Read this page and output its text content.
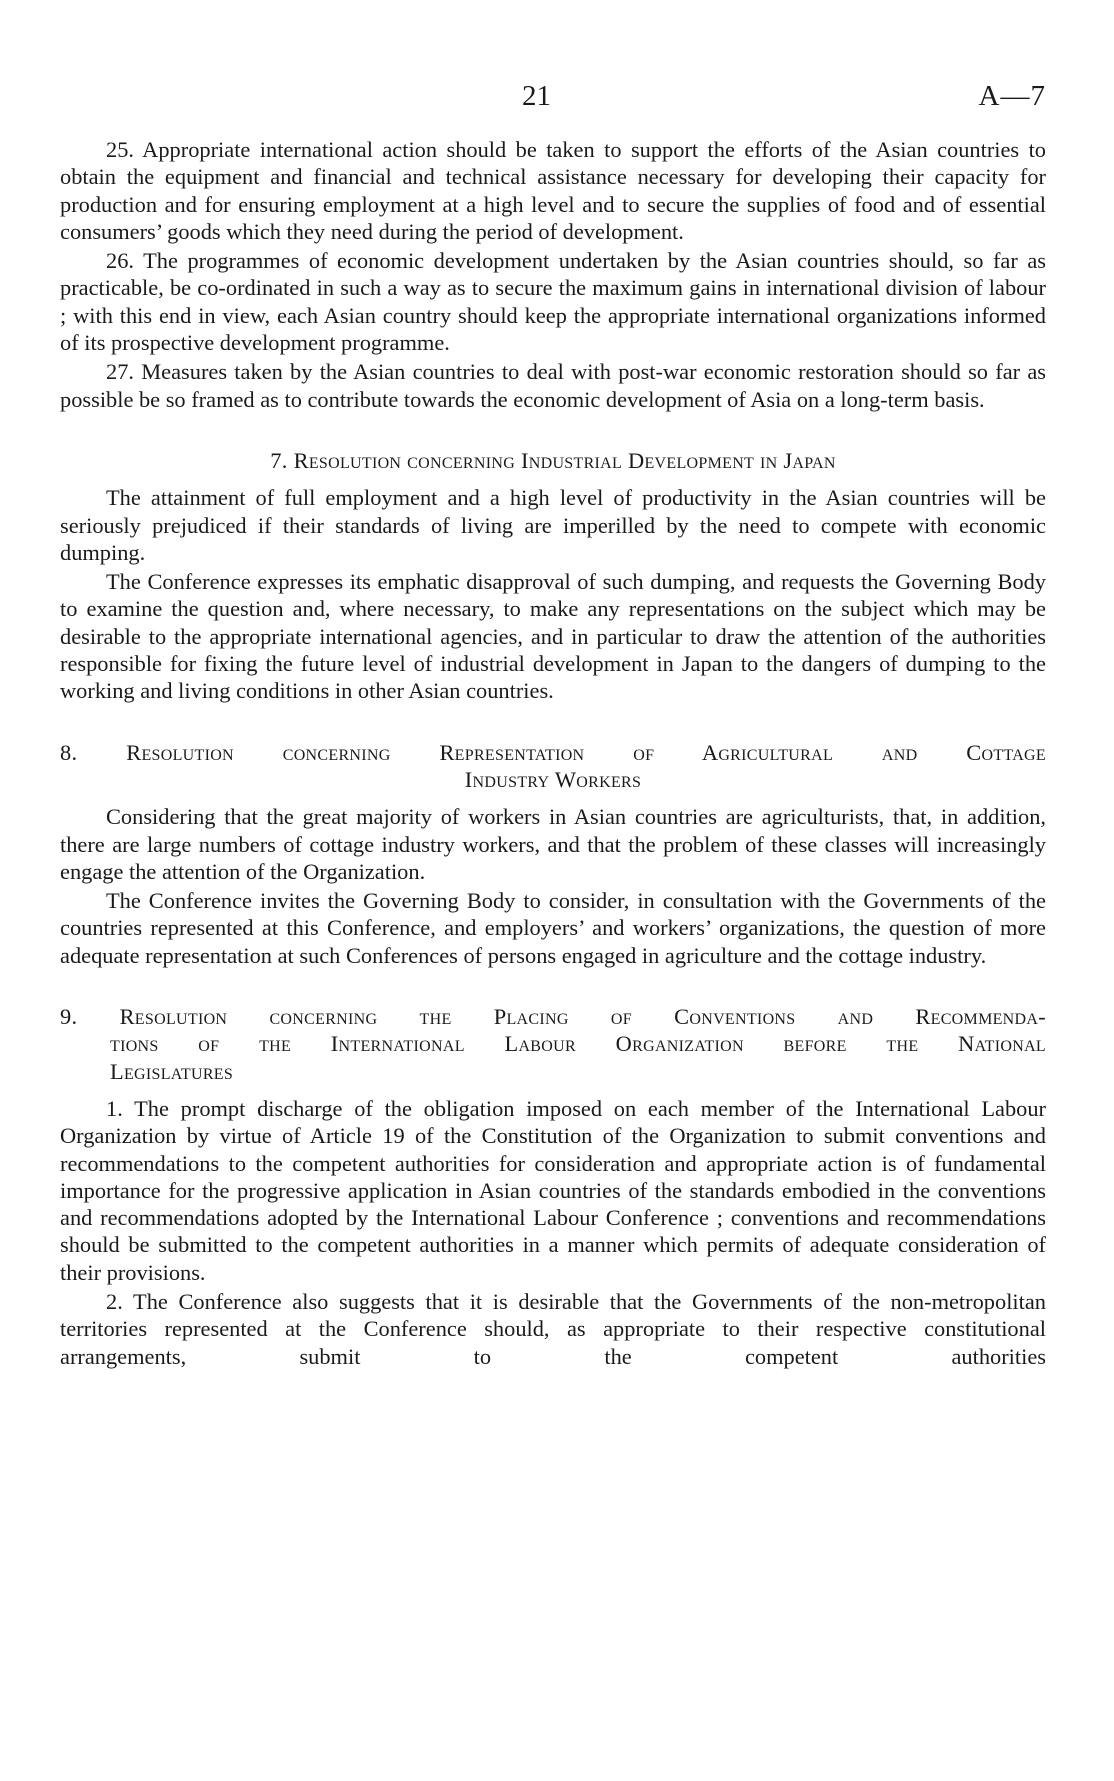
21	A—7

25. Appropriate international action should be taken to support the efforts of the Asian countries to obtain the equipment and financial and technical assistance necessary for developing their capacity for production and for ensuring employment at a high level and to secure the supplies of food and of essential consumers’ goods which they need during the period of development.

26. The programmes of economic development undertaken by the Asian countries should, so far as practicable, be co-ordinated in such a way as to secure the maximum gains in international division of labour ; with this end in view, each Asian country should keep the appropriate international organizations informed of its prospective development programme.

27. Measures taken by the Asian countries to deal with post-war economic restoration should so far as possible be so framed as to contribute towards the economic development of Asia on a long-term basis.

7. Resolution concerning Industrial Development in Japan

The attainment of full employment and a high level of productivity in the Asian countries will be seriously prejudiced if their standards of living are imperilled by the need to compete with economic dumping.

The Conference expresses its emphatic disapproval of such dumping, and requests the Governing Body to examine the question and, where necessary, to make any representations on the subject which may be desirable to the appropriate international agencies, and in particular to draw the attention of the authorities responsible for fixing the future level of industrial development in Japan to the dangers of dumping to the working and living conditions in other Asian countries.

8. Resolution concerning Representation of Agricultural and Cottage
Industry Workers

Considering that the great majority of workers in Asian countries are agriculturists, that, in addition, there are large numbers of cottage industry workers, and that the problem of these classes will increasingly engage the attention of the Organization.

The Conference invites the Governing Body to consider, in consultation with the Governments of the countries represented at this Conference, and employers’ and workers’ organizations, the question of more adequate representation at such Conferences of persons engaged in agriculture and the cottage industry.

9. Resolution concerning the Placing of Conventions and Recommenda-
tions of the International Labour Organization before the National
Legislatures

1. The prompt discharge of the obligation imposed on each member of the International Labour Organization by virtue of Article 19 of the Constitution of the Organization to submit conventions and recommendations to the competent authorities for consideration and appropriate action is of fundamental importance for the progressive application in Asian countries of the standards embodied in the conventions and recommendations adopted by the International Labour Conference ; conventions and recommendations should be submitted to the competent authorities in a manner which permits of adequate consideration of their provisions.

2. The Conference also suggests that it is desirable that the Governments of the non-metropolitan territories represented at the Conference should, as appropriate to their respective constitutional arrangements, submit to the competent authorities
